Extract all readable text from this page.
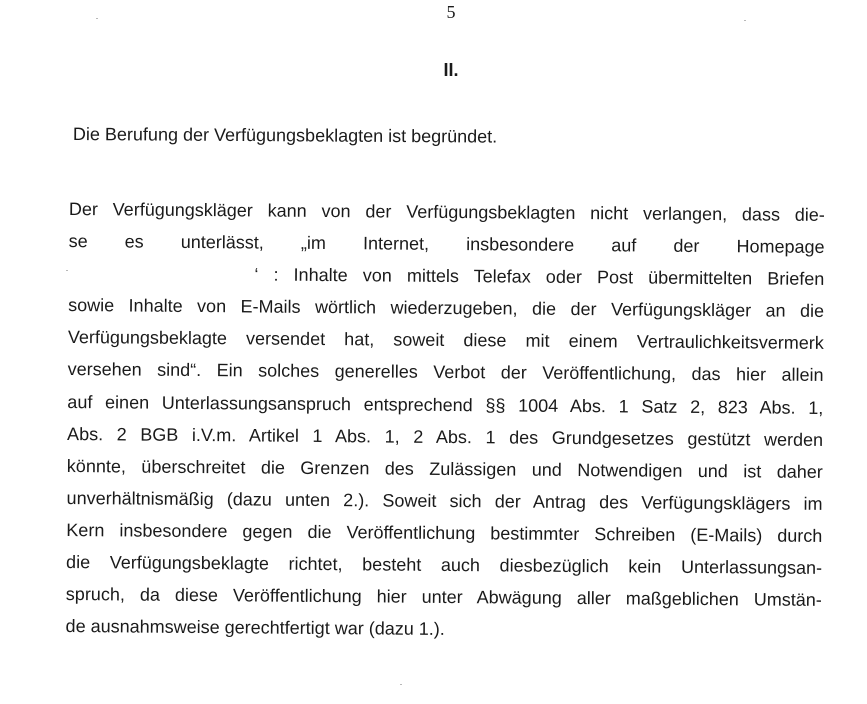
5
II.
Die Berufung der Verfügungsbeklagten ist begründet.
Der Verfügungskläger kann von der Verfügungsbeklagten nicht verlangen, dass die-
se es unterlässt, „im Internet, insbesondere auf der Homepage
‘ : Inhalte von mittels Telefax oder Post übermittelten Briefen
sowie Inhalte von E-Mails wörtlich wiederzugeben, die der Verfügungskläger an die
Verfügungsbeklagte versendet hat, soweit diese mit einem Vertraulichkeitsvermerk
versehen sind“. Ein solches generelles Verbot der Veröffentlichung, das hier allein
auf einen Unterlassungsanspruch entsprechend §§ 1004 Abs. 1 Satz 2, 823 Abs. 1,
Abs. 2 BGB i.V.m. Artikel 1 Abs. 1, 2 Abs. 1 des Grundgesetzes gestützt werden
könnte, überschreitet die Grenzen des Zulässigen und Notwendigen und ist daher
unverhältnismäßig (dazu unten 2.). Soweit sich der Antrag des Verfügungsklägers im
Kern insbesondere gegen die Veröffentlichung bestimmter Schreiben (E-Mails) durch
die Verfügungsbeklagte richtet, besteht auch diesbezüglich kein Unterlassungsan-
spruch, da diese Veröffentlichung hier unter Abwägung aller maßgeblichen Umstän-
de ausnahmsweise gerechtfertigt war (dazu 1.).
